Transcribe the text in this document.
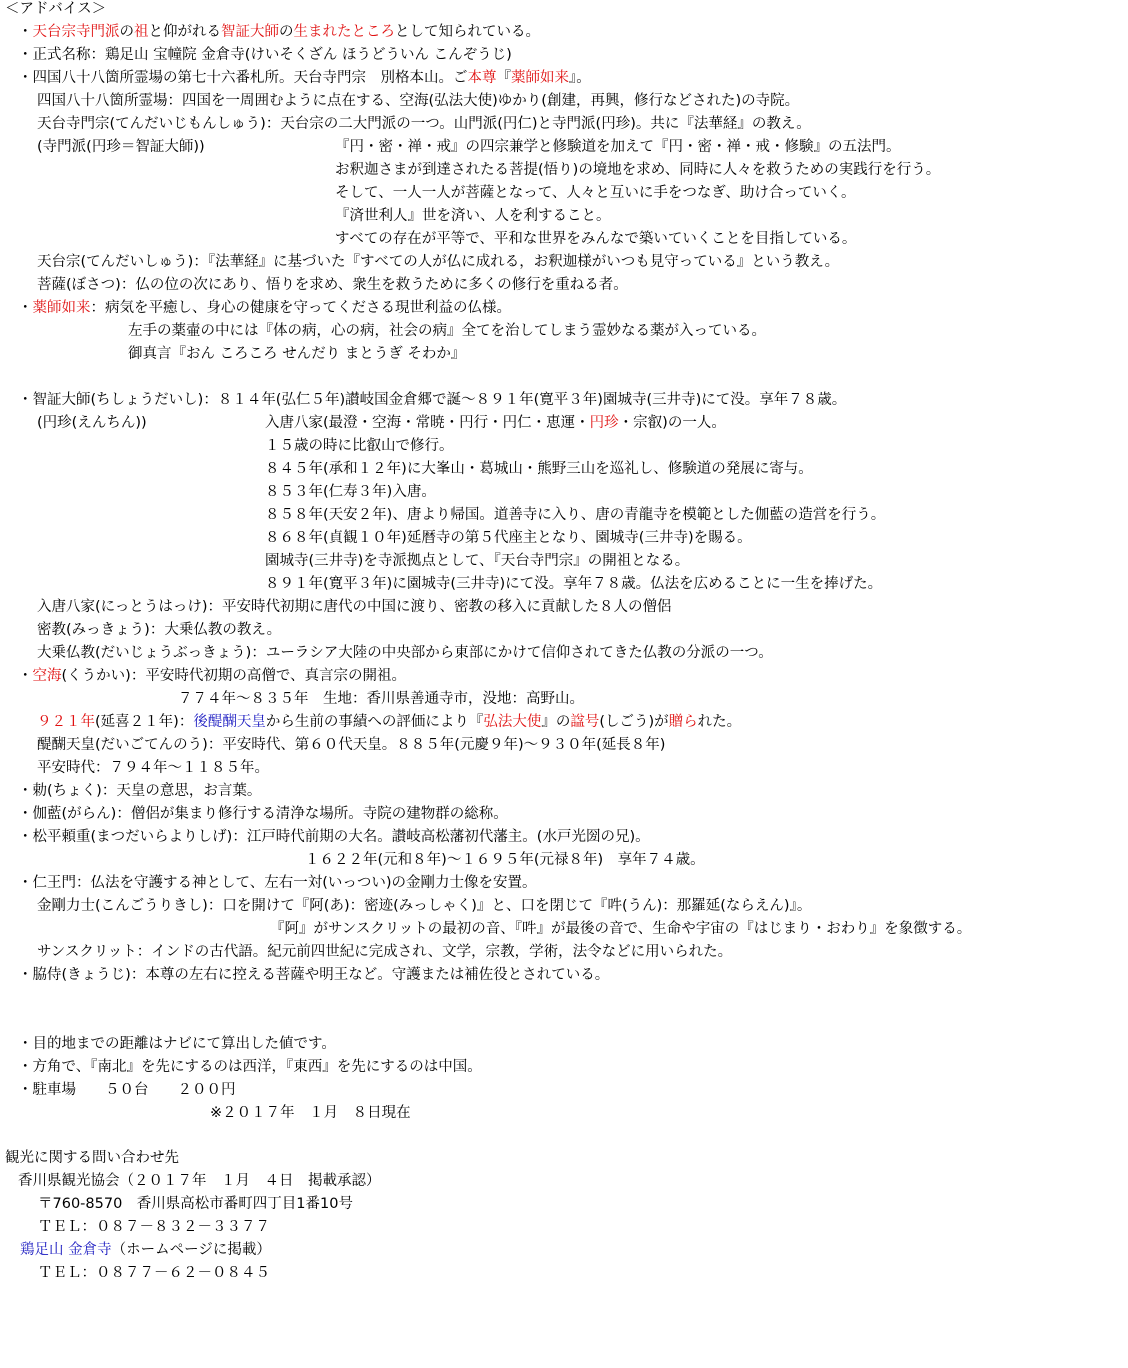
＜アドバイス＞
・天台宗寺門派の祖と仰がれる智証大師の生まれたところとして知られている。
・正式名称：鶏足山 宝幢院 金倉寺(けいそくざん ほうどういん こんぞうじ)
・四国八十八箇所霊場の第七十六番札所。天台寺門宗　別格本山。ご本尊『薬師如来』。
四国八十八箇所霊場：四国を一周囲むように点在する、空海(弘法大使)ゆかり(創建，再興，修行などされた)の寺院。
天台寺門宗(てんだいじもんしゅう)：天台宗の二大門派の一つ。山門派(円仁)と寺門派(円珍)。共に『法華経』の教え。
(寺門派(円珍＝智証大師))	『円・密・禅・戒』の四宗兼学と修験道を加えて『円・密・禅・戒・修験』の五法門。
お釈迦さまが到達されたる菩提(悟り)の境地を求め、同時に人々を救うための実践行を行う。
そして、一人一人が菩薩となって、人々と互いに手をつなぎ、助け合っていく。
『済世利人』世を済い、人を利すること。
すべての存在が平等で、平和な世界をみんなで築いていくことを目指している。
天台宗(てんだいしゅう)：『法華経』に基づいた『すべての人が仏に成れる，お釈迦様がいつも見守っている』という教え。
菩薩(ぼさつ)：仏の位の次にあり、悟りを求め、衆生を救うために多くの修行を重ねる者。
・薬師如来：病気を平癒し、身心の健康を守ってくださる現世利益の仏様。
左手の薬壷の中には『体の病，心の病，社会の病』全てを治してしまう霊妙なる薬が入っている。
御真言『おん ころころ せんだり まとうぎ そわか』
・智証大師(ちしょうだいし)：８１４年(弘仁５年)讃岐国金倉郷で誕～８９１年(寛平３年)園城寺(三井寺)にて没。享年７８歳。
(円珍(えんちん))	入唐八家(最澄・空海・常暁・円行・円仁・恵運・円珍・宗叡)の一人。
１５歳の時に比叡山で修行。
８４５年(承和１２年)に大峯山・葛城山・熊野三山を巡礼し、修験道の発展に寄与。
８５３年(仁寿３年)入唐。
８５８年(天安２年)、唐より帰国。道善寺に入り、唐の青龍寺を模範とした伽藍の造営を行う。
８６８年(貞観１０年)延暦寺の第５代座主となり、園城寺(三井寺)を賜る。
園城寺(三井寺)を寺派拠点として、『天台寺門宗』の開祖となる。
８９１年(寛平３年)に園城寺(三井寺)にて没。享年７８歳。仏法を広めることに一生を捧げた。
入唐八家(にっとうはっけ)：平安時代初期に唐代の中国に渡り、密教の移入に貢献した８人の僧侶
密教(みっきょう)：大乗仏教の教え。
大乗仏教(だいじょうぶっきょう)：ユーラシア大陸の中央部から東部にかけて信仰されてきた仏教の分派の一つ。
・空海(くうかい)：平安時代初期の高僧で、真言宗の開祖。
７７４年～８３５年　生地：香川県善通寺市，没地：高野山。
９２１年(延喜２１年)：後醍醐天皇から生前の事績への評価により『弘法大使』の諡号(しごう)が贈られた。
醍醐天皇(だいごてんのう)：平安時代、第６０代天皇。８８５年(元慶９年)～９３０年(延長８年)
平安時代：７９４年～１１８５年。
・勅(ちょく)：天皇の意思，お言葉。
・伽藍(がらん)：僧侶が集まり修行する清浄な場所。寺院の建物群の総称。
・松平頼重(まつだいらよりしげ)：江戸時代前期の大名。讃岐高松藩初代藩主。(水戸光圀の兄)。
１６２２年(元和８年)～１６９５年(元禄８年)　享年７４歳。
・仁王門：仏法を守護する神として、左右一対(いっつい)の金剛力士像を安置。
金剛力士(こんごうりきし)：口を開けて『阿(あ)：密迹(みっしゃく)』と、口を閉じて『吽(うん)：那羅延(ならえん)』。
『阿』がサンスクリットの最初の音、『吽』が最後の音で、生命や宇宙の『はじまり・おわり』を象徴する。
サンスクリット：インドの古代語。紀元前四世紀に完成され、文学，宗教，学術，法令などに用いられた。
・脇侍(きょうじ)：本尊の左右に控える菩薩や明王など。守護または補佐役とされている。
・目的地までの距離はナビにて算出した値です。
・方角で、『南北』を先にするのは西洋，『東西』を先にするのは中国。
・駐車場　　５０台　　２００円
※２０１７年　１月　８日現在
観光に関する問い合わせ先
香川県観光協会（２０１７年　１月　４日　掲載承認）
〒760-8570　香川県高松市番町四丁目1番10号
ＴＥＬ：０８７－８３２－３３７７
鶏足山 金倉寺（ホームページに掲載）
ＴＥＬ：０８７７－６２－０８４５
